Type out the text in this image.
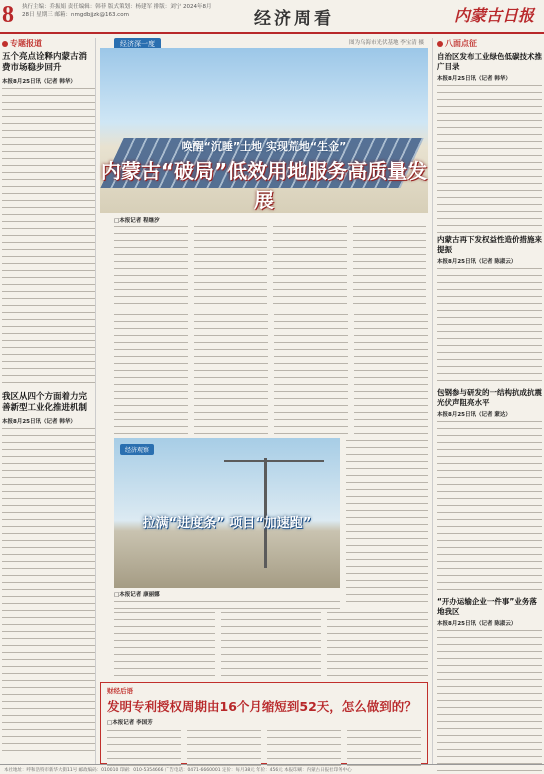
8 执行主编：乔振娟 责任编辑：韩菲 版式策划：杨建军 排版：刘宁 2024年8月28日 星期三 邮箱：nmgdbjjzk@163.com	经济周看	内蒙古日报
专题报道
五个亮点诠释内蒙古消费市场稳步回升
本报8月25日讯（记者 韩华）
我区从四个方面着力完善新型工业化推进机制
本报8月25日讯（记者 韩华）
经济深一度	图为乌海市光伏基地 李宝清 摄
唤醒“沉睡”土地 实现荒地“生金”
内蒙古“破局”低效用地服务高质量发展
□本报记者 程继汐
经济观察
拉满“进度条” 项目“加速跑”
□本报记者 康丽娜
财经后语
发明专利授权周期由16个月缩短到52天，怎么做到的？
□本报记者 李国芳
八面点征
自治区发布工业绿色低碳技术推广目录
本报8月25日讯（记者 韩华）
内蒙古再下发权益性造价措施来提振
本报8月25日讯（记者 陈淑云）
包钢参与研发的一结构抗成抗震光伏声阻亮水平
本报8月25日讯（记者 蒙达）
“开办运输企业一件事”业务落地我区
本报8月25日讯（记者 陈淑云）
本社地址：呼和浩特市新华大街11号 邮政编码：010010 印刷：010-5354666 广告电话：0471-6660001 定价：每月38元 年价：456元 本报印刷：内蒙古日报社印务中心
